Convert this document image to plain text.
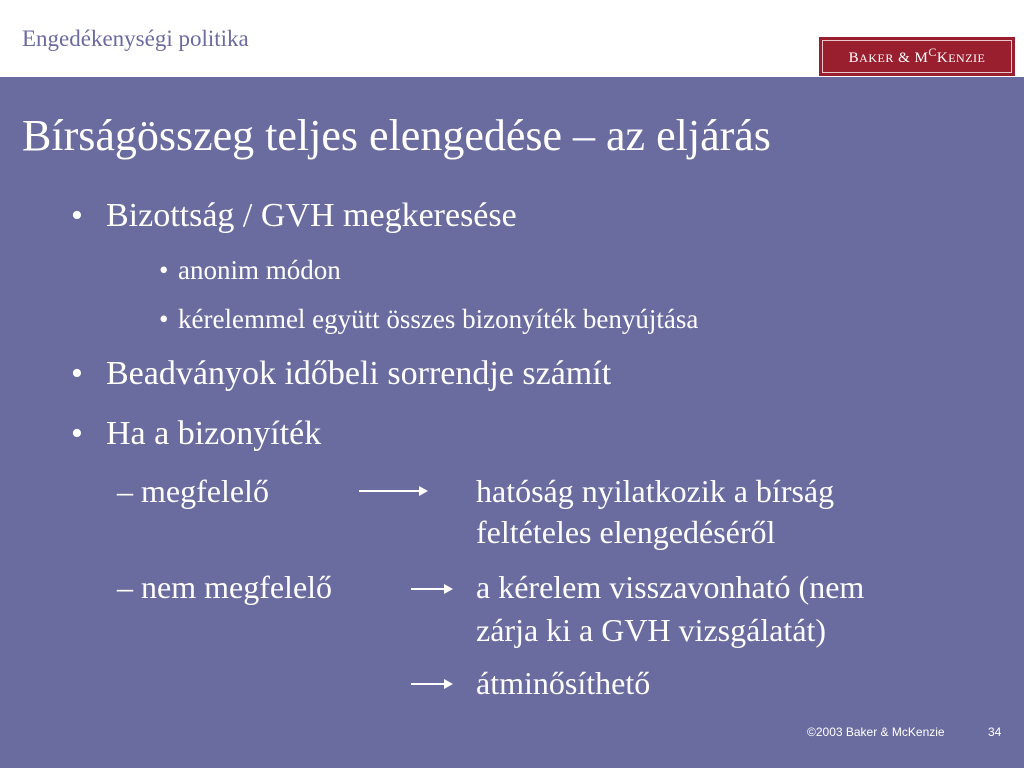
Engedékenységi politika
BAKER & $M^CKENZIE$
Bírságösszeg teljes elengedése – az eljárás
• Bizottság / GVH megkeresése
• anonim módon
• kérelemmel együtt összes bizonyíték benyújtása
• Beadványok időbeli sorrendje számít
• Ha a bizonyíték
– megfelelő	hatóság nyilatkozik a bírság
feltételes elengedéséről
– nem megfelelő	a kérelem visszavonható (nem
zárja ki a GVH vizsgálatát)
átminősíthető
©2003 Baker & McKenzie	34
